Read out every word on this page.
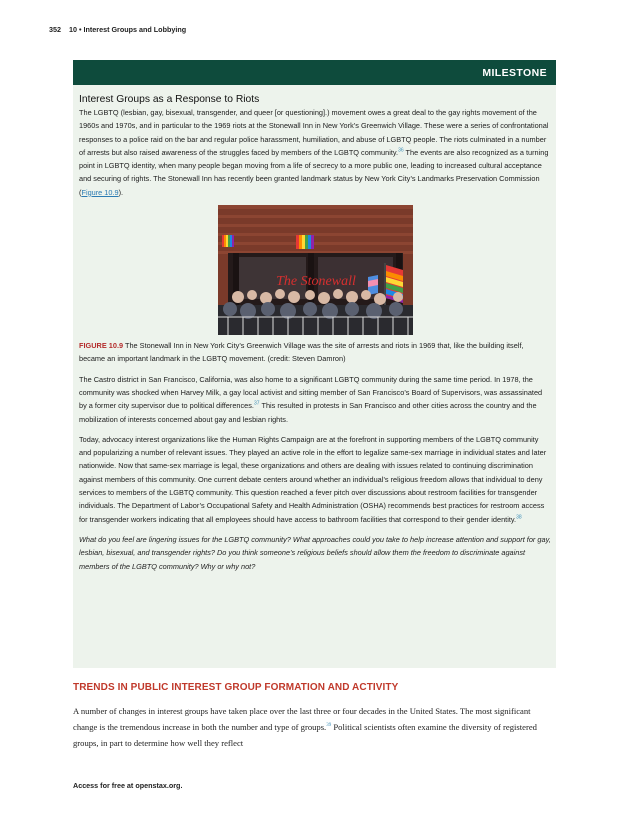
352 10 • Interest Groups and Lobbying
MILESTONE
Interest Groups as a Response to Riots

The LGBTQ (lesbian, gay, bisexual, transgender, and queer [or questioning].) movement owes a great deal to the gay rights movement of the 1960s and 1970s, and in particular to the 1969 riots at the Stonewall Inn in New York’s Greenwich Village. These were a series of confrontational responses to a police raid on the bar and regular police harassment, humiliation, and abuse of LGBTQ people. The riots culminated in a number of arrests but also raised awareness of the struggles faced by members of the LGBTQ community.$^{36}$ The events are also recognized as a turning point in LGBTQ identity, when many people began moving from a life of secrecy to a more public one, leading to increased cultural acceptance and securing of rights. The Stonewall Inn has recently been granted landmark status by New York City’s Landmarks Preservation Commission (Figure 10.9).

The Stonewall

FIGURE 10.9 The Stonewall Inn in New York City’s Greenwich Village was the site of arrests and riots in 1969 that, like the building itself, became an important landmark in the LGBTQ movement. (credit: Steven Damron)

The Castro district in San Francisco, California, was also home to a significant LGBTQ community during the same time period. In 1978, the community was shocked when Harvey Milk, a gay local activist and sitting member of San Francisco’s Board of Supervisors, was assassinated by a former city supervisor due to political differences.$^{37}$ This resulted in protests in San Francisco and other cities across the country and the mobilization of interests concerned about gay and lesbian rights.

Today, advocacy interest organizations like the Human Rights Campaign are at the forefront in supporting members of the LGBTQ community and popularizing a number of relevant issues. They played an active role in the effort to legalize same-sex marriage in individual states and later nationwide. Now that same-sex marriage is legal, these organizations and others are dealing with issues related to continuing discrimination against members of this community. One current debate centers around whether an individual’s religious freedom allows that individual to deny services to members of the LGBTQ community. This question reached a fever pitch over discussions about restroom facilities for transgender individuals. The Department of Labor’s Occupational Safety and Health Administration (OSHA) recommends best practices for restroom access for transgender workers indicating that all employees should have access to bathroom facilities that correspond to their gender identity.$^{38}$

What do you feel are lingering issues for the LGBTQ community? What approaches could you take to help increase attention and support for gay, lesbian, bisexual, and transgender rights? Do you think someone’s religious beliefs should allow them the freedom to discriminate against members of the LGBTQ community? Why or why not?

TRENDS IN PUBLIC INTEREST GROUP FORMATION AND ACTIVITY

A number of changes in interest groups have taken place over the last three or four decades in the United States. The most significant change is the tremendous increase in both the number and type of groups.$^{39}$ Political scientists often examine the diversity of registered groups, in part to determine how well they reflect

Access for free at openstax.org.
